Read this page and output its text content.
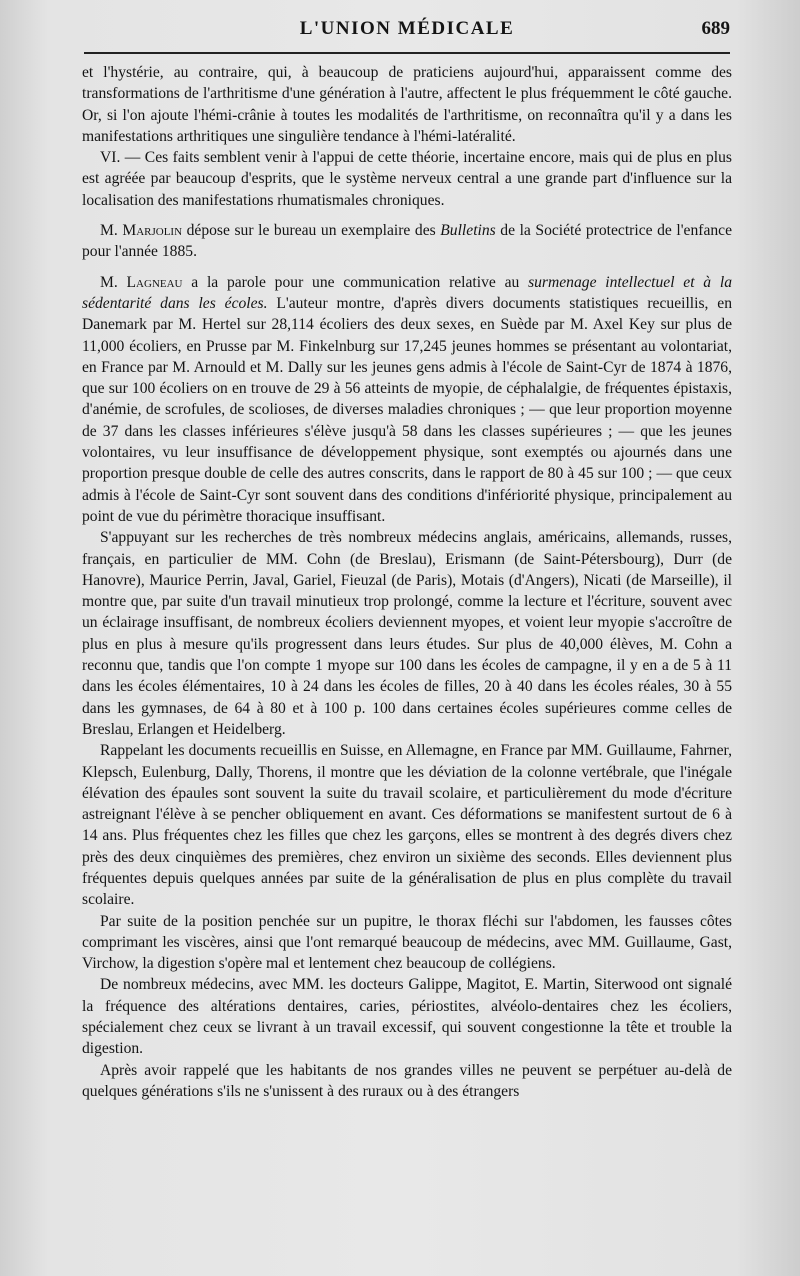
L'UNION MÉDICALE	689

et l'hystérie, au contraire, qui, à beaucoup de praticiens aujourd'hui, apparaissent comme des transformations de l'arthritisme d'une génération à l'autre, affectent le plus fréquemment le côté gauche. Or, si l'on ajoute l'hémi-crânie à toutes les modalités de l'arthritisme, on reconnaîtra qu'il y a dans les manifestations arthritiques une singulière tendance à l'hémi-latéralité.

VI. — Ces faits semblent venir à l'appui de cette théorie, incertaine encore, mais qui de plus en plus est agréée par beaucoup d'esprits, que le système nerveux central a une grande part d'influence sur la localisation des manifestations rhumatismales chroniques.

M. Marjolin dépose sur le bureau un exemplaire des Bulletins de la Société protectrice de l'enfance pour l'année 1885.

M. Lagneau a la parole pour une communication relative au surmenage intellectuel et à la sédentarité dans les écoles. L'auteur montre, d'après divers documents statistiques recueillis, en Danemark par M. Hertel sur 28,114 écoliers des deux sexes, en Suède par M. Axel Key sur plus de 11,000 écoliers, en Prusse par M. Finkelnburg sur 17,245 jeunes hommes se présentant au volontariat, en France par M. Arnould et M. Dally sur les jeunes gens admis à l'école de Saint-Cyr de 1874 à 1876, que sur 100 écoliers on en trouve de 29 à 56 atteints de myopie, de céphalalgie, de fréquentes épistaxis, d'anémie, de scrofules, de scolioses, de diverses maladies chroniques ; — que leur proportion moyenne de 37 dans les classes inférieures s'élève jusqu'à 58 dans les classes supérieures ; — que les jeunes volontaires, vu leur insuffisance de développement physique, sont exemptés ou ajournés dans une proportion presque double de celle des autres conscrits, dans le rapport de 80 à 45 sur 100 ; — que ceux admis à l'école de Saint-Cyr sont souvent dans des conditions d'infériorité physique, principalement au point de vue du périmètre thoracique insuffisant.

S'appuyant sur les recherches de très nombreux médecins anglais, américains, allemands, russes, français, en particulier de MM. Cohn (de Breslau), Erismann (de Saint-Pétersbourg), Durr (de Hanovre), Maurice Perrin, Javal, Gariel, Fieuzal (de Paris), Motais (d'Angers), Nicati (de Marseille), il montre que, par suite d'un travail minutieux trop prolongé, comme la lecture et l'écriture, souvent avec un éclairage insuffisant, de nombreux écoliers deviennent myopes, et voient leur myopie s'accroître de plus en plus à mesure qu'ils progressent dans leurs études. Sur plus de 40,000 élèves, M. Cohn a reconnu que, tandis que l'on compte 1 myope sur 100 dans les écoles de campagne, il y en a de 5 à 11 dans les écoles élémentaires, 10 à 24 dans les écoles de filles, 20 à 40 dans les écoles réales, 30 à 55 dans les gymnases, de 64 à 80 et à 100 p. 100 dans certaines écoles supérieures comme celles de Breslau, Erlangen et Heidelberg.

Rappelant les documents recueillis en Suisse, en Allemagne, en France par MM. Guillaume, Fahrner, Klepsch, Eulenburg, Dally, Thorens, il montre que les déviation de la colonne vertébrale, que l'inégale élévation des épaules sont souvent la suite du travail scolaire, et particulièrement du mode d'écriture astreignant l'élève à se pencher obliquement en avant. Ces déformations se manifestent surtout de 6 à 14 ans. Plus fréquentes chez les filles que chez les garçons, elles se montrent à des degrés divers chez près des deux cinquièmes des premières, chez environ un sixième des seconds. Elles deviennent plus fréquentes depuis quelques années par suite de la généralisation de plus en plus complète du travail scolaire.

Par suite de la position penchée sur un pupitre, le thorax fléchi sur l'abdomen, les fausses côtes comprimant les viscères, ainsi que l'ont remarqué beaucoup de médecins, avec MM. Guillaume, Gast, Virchow, la digestion s'opère mal et lentement chez beaucoup de collégiens.

De nombreux médecins, avec MM. les docteurs Galippe, Magitot, E. Martin, Siterwood ont signalé la fréquence des altérations dentaires, caries, périostites, alvéolo-dentaires chez les écoliers, spécialement chez ceux se livrant à un travail excessif, qui souvent congestionne la tête et trouble la digestion.

Après avoir rappelé que les habitants de nos grandes villes ne peuvent se perpétuer au-delà de quelques générations s'ils ne s'unissent à des ruraux ou à des étrangers
